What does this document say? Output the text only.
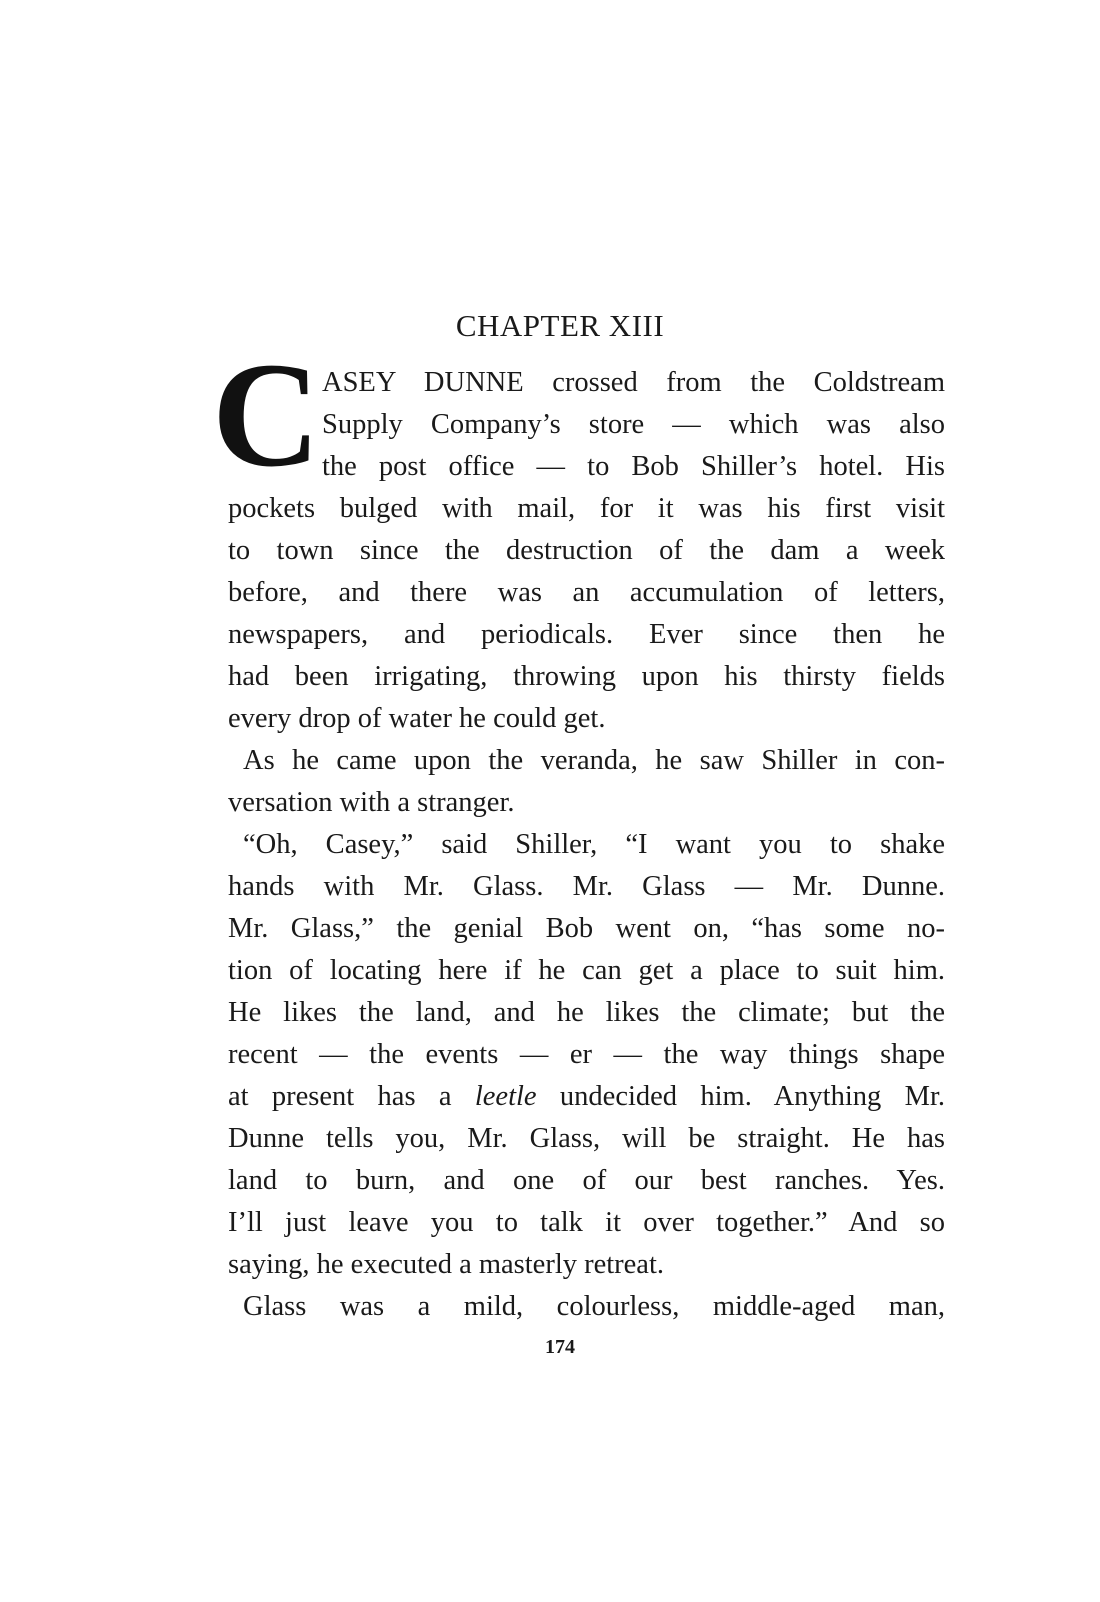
CHAPTER XIII
C ASEY DUNNE crossed from the Coldstream
Supply Company’s store — which was also
the post office — to Bob Shiller’s hotel. His
pockets bulged with mail, for it was his first visit
to town since the destruction of the dam a week
before, and there was an accumulation of letters,
newspapers, and periodicals. Ever since then he
had been irrigating, throwing upon his thirsty fields
every drop of water he could get.
As he came upon the veranda, he saw Shiller in con-
versation with a stranger.
“Oh, Casey,” said Shiller, “I want you to shake
hands with Mr. Glass. Mr. Glass — Mr. Dunne.
Mr. Glass,” the genial Bob went on, “has some no-
tion of locating here if he can get a place to suit him.
He likes the land, and he likes the climate; but the
recent — the events — er — the way things shape
at present has a leetle undecided him. Anything Mr.
Dunne tells you, Mr. Glass, will be straight. He has
land to burn, and one of our best ranches. Yes.
I’ll just leave you to talk it over together.” And so
saying, he executed a masterly retreat.
Glass was a mild, colourless, middle-aged man,
174
